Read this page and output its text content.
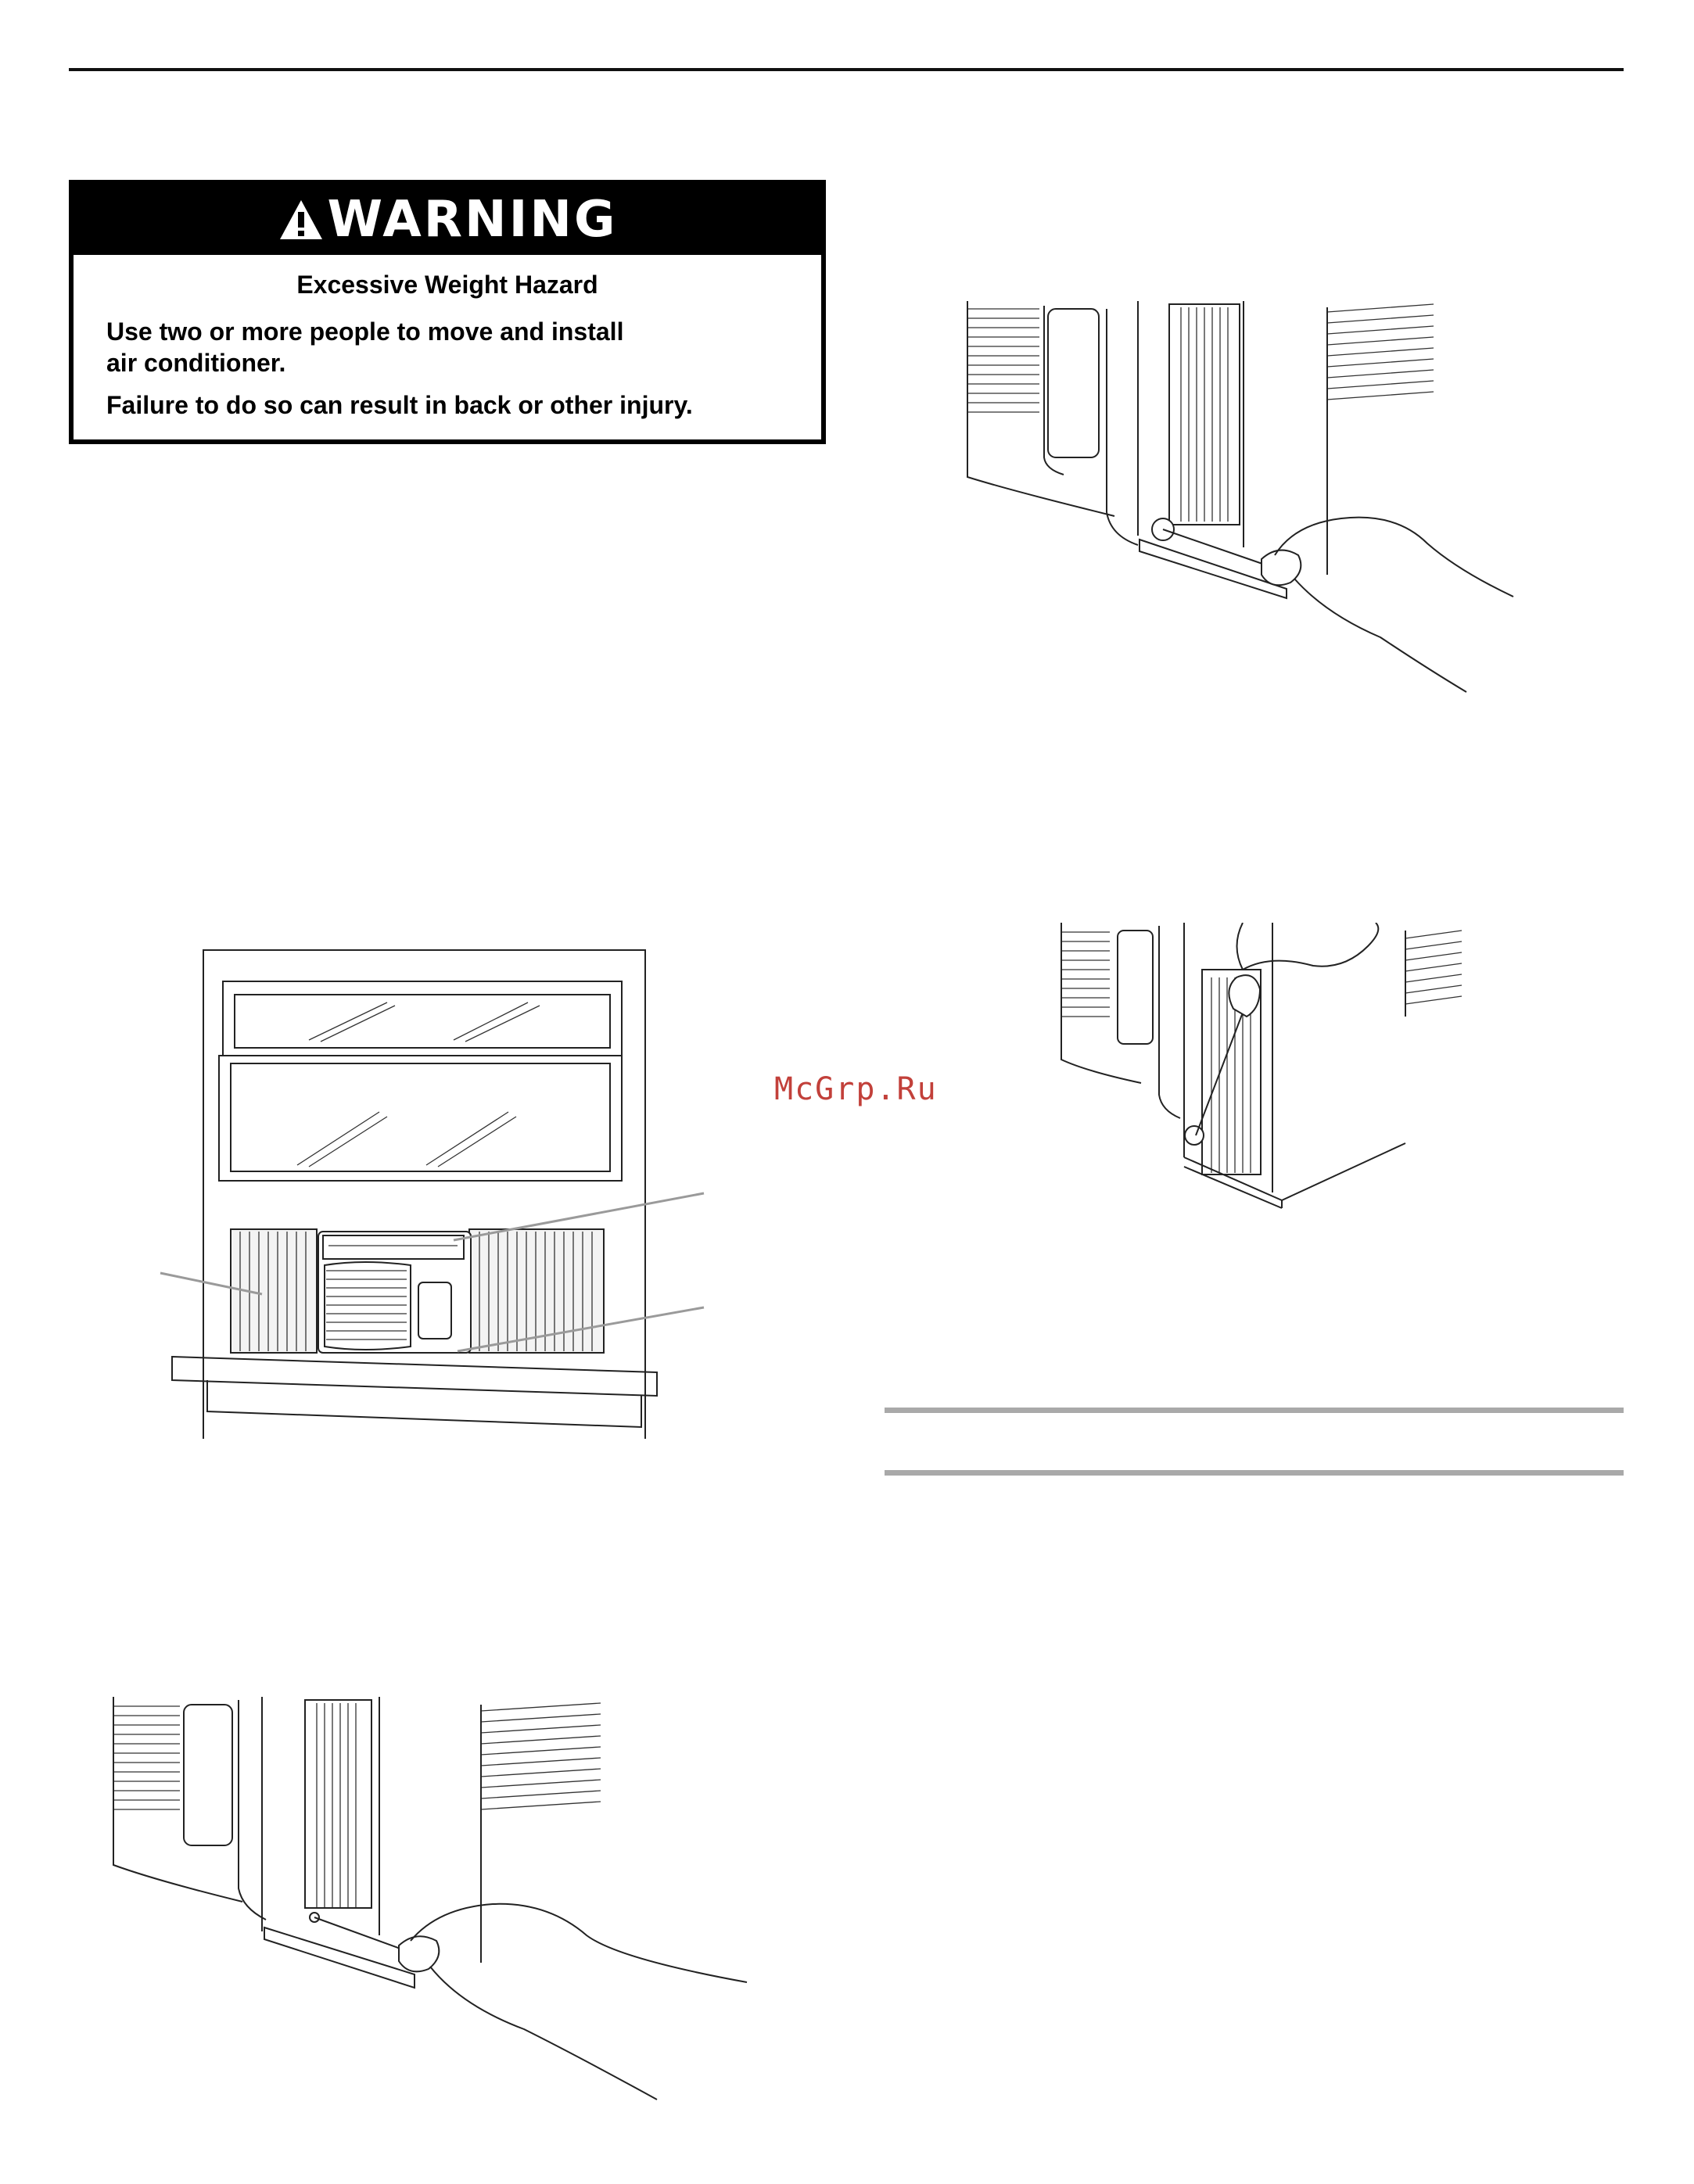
WARNING
Excessive Weight Hazard
Use two or more people to move and install
air conditioner.
Failure to do so can result in back or other injury.
McGrp.Ru
